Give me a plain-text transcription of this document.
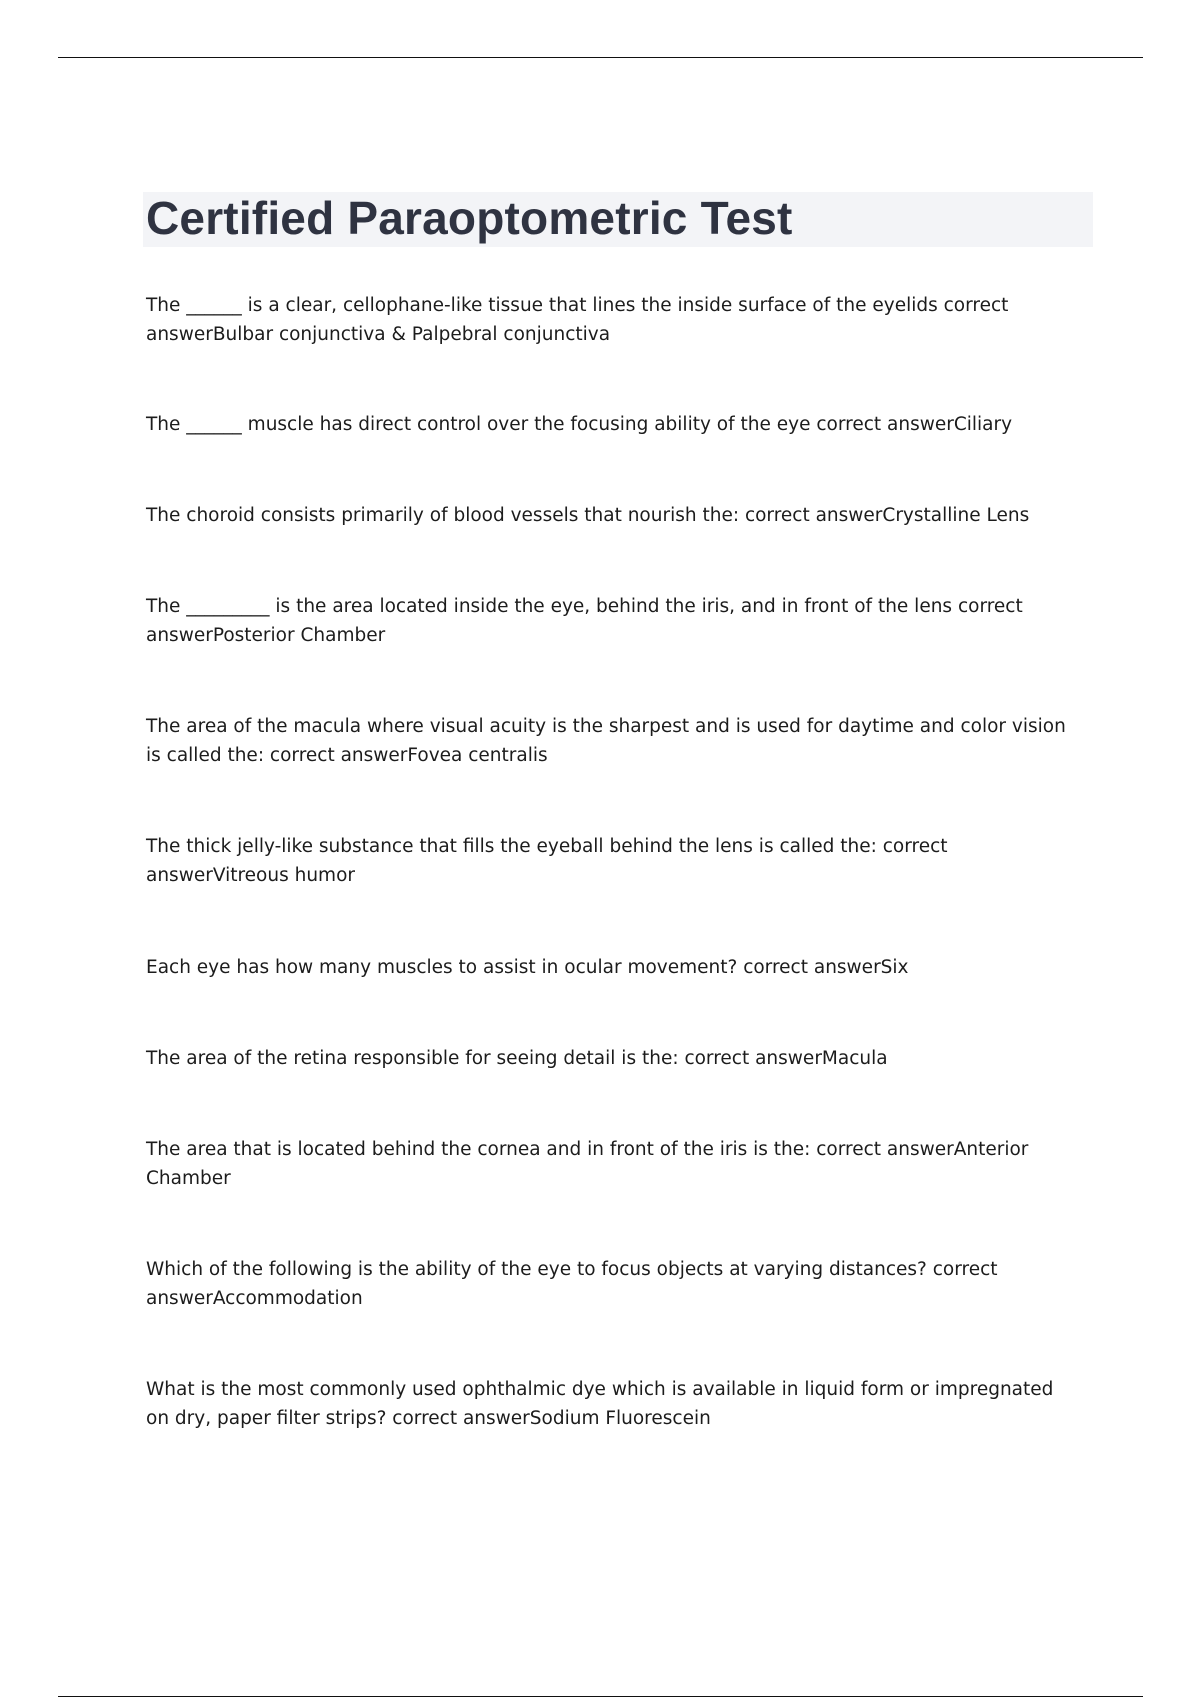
Certified Paraoptometric Test

The ______ is a clear, cellophane-like tissue that lines the inside surface of the eyelids correct answerBulbar conjunctiva & Palpebral conjunctiva

The ______ muscle has direct control over the focusing ability of the eye correct answerCiliary

The choroid consists primarily of blood vessels that nourish the: correct answerCrystalline Lens

The _________ is the area located inside the eye, behind the iris, and in front of the lens correct answerPosterior Chamber

The area of the macula where visual acuity is the sharpest and is used for daytime and color vision is called the: correct answerFovea centralis

The thick jelly-like substance that fills the eyeball behind the lens is called the: correct answerVitreous humor

Each eye has how many muscles to assist in ocular movement? correct answerSix

The area of the retina responsible for seeing detail is the: correct answerMacula

The area that is located behind the cornea and in front of the iris is the: correct answerAnterior Chamber

Which of the following is the ability of the eye to focus objects at varying distances? correct answerAccommodation

What is the most commonly used ophthalmic dye which is available in liquid form or impregnated on dry, paper filter strips? correct answerSodium Fluorescein
